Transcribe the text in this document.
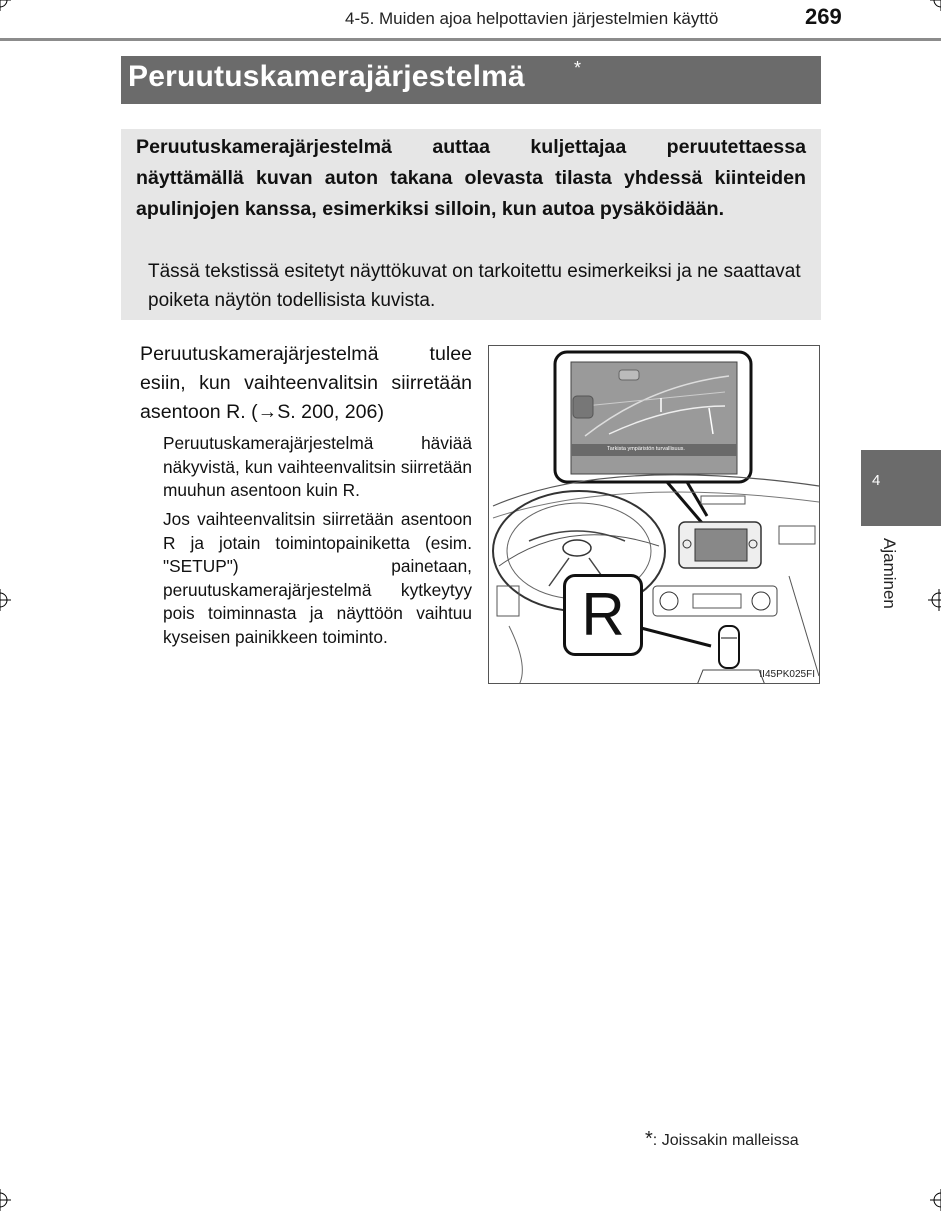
4-5. Muiden ajoa helpottavien järjestelmien käyttö	269
Peruutuskamerajärjestelmä	*

Peruutuskamerajärjestelmä auttaa kuljettajaa peruutettaessa näyttämällä kuvan auton takana olevasta tilasta yhdessä kiinteiden apulinjojen kanssa, esimerkiksi silloin, kun autoa pysäköidään.

Tässä tekstissä esitetyt näyttökuvat on tarkoitettu esimerkeiksi ja ne saattavat poiketa näytön todellisista kuvista.

Peruutuskamerajärjestelmä tulee esiin, kun vaihteenvalitsin siirretään asentoon R. (→S. 200, 206)

Peruutuskamerajärjestelmä häviää näkyvistä, kun vaihteenvalitsin siirretään muuhun asentoon kuin R.

Jos vaihteenvalitsin siirretään asentoon R ja jotain toimintopainiketta (esim. "SETUP") painetaan, peruutuskamerajärjestelmä kytkeytyy pois toiminnasta ja näyttöön vaihtuu kyseisen painikkeen toiminto.

Tarkista ympäristön turvallisuus.
II45PK025FI
R
4
Ajaminen
*: Joissakin malleissa
